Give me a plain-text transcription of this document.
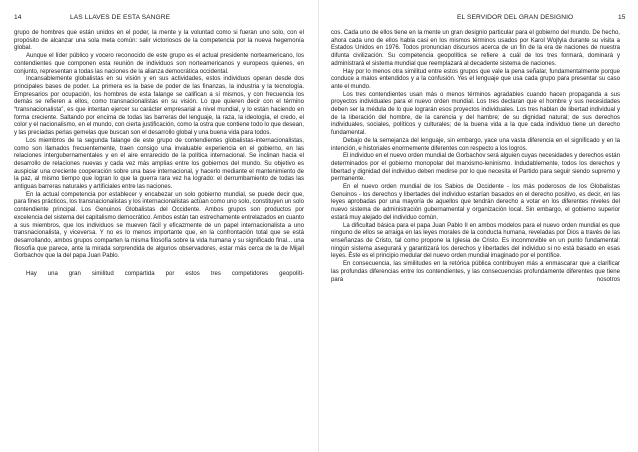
14	LAS LLAVES DE ESTA SANGRE

grupo de hombres que están unidos en el poder, la mente y la voluntad como si fueran uno solo, con el propósito de alcanzar una sola meta común: salir victoriosos de la competencia por la nueva hegemonía global.

Aunque el líder público y vocero reconocido de este grupo es el actual presidente norteamericano, los contendientes que componen esta reunión de individuos son norteamericanos y europeos quienes, en conjunto, representan a todas las naciones de la alianza democrática occidental.

Incansablemente globalistas en su visión y en sus actividades, estos individuos operan desde dos principales bases de poder. La primera es la base de poder de las finanzas, la industria y la tecnología. Empresarios por ocupación, los hombres de esta falange se califican a sí mismos, y con frecuencia los demás se refieren a ellos, como transnacionalistas en su visión. Lo que quieren decir con el término “transnacionalista”, es que intentan ejercer su carácter empresarial a nivel mundial, y lo están haciendo en forma creciente. Saltando por encima de todas las barreras del lenguaje, la raza, la ideología, el credo, el color y el nacionalismo, en el mundo, con cierta justificación, como la ostra que contiene todo lo que desean, y las preciadas perlas gemelas que buscan son el desarrollo global y una buena vida para todos.

Los miembros de la segunda falange de este grupo de contendientes globalistas-internacionalistas, como son llamados frecuentemente, traen consigo una invaluable experiencia en el gobierno, en las relaciones intergubernamentales y en el aire enrarecido de la política internacional. Se inclinan hacia el desarrollo de relaciones nuevas y cada vez más amplias entre los gobiernos del mundo. Su objetivo es auspiciar una creciente cooperación sobre una base internacional, y hacerlo mediante el mantenimiento de la paz, al mismo tiempo que logran lo que la guerra rara vez ha logrado: el derrumbamiento de todas las antiguas barreras naturales y artificiales entre las naciones.

En la actual competencia por establecer y encabezar un solo gobierno mundial, se puede decir que, para fines prácticos, los transnacionalistas y los internacionalistas actúan como uno solo, constituyen un solo contendiente principal. Los Genuinos Globalistas del Occidente. Ambos grupos son productos por excelencia del sistema del capitalismo democrático. Ambos están tan estrechamente entrelazados en cuanto a sus miembros, que los individuos se mueven fácil y eficazmente de un papel internacionalista a uno transnacionalista, y viceversa. Y no es lo menos importante que, en la confrontación total que se está desarrollando, ambos grupos comparten la misma filosofía sobre la vida humana y su significado final... una filosofía que parece, ante la mirada sorprendida de algunos observadores, estar más cerca de la de Mijaíl Gorbachov que la del papa Juan Pablo.

Hay una gran similitud compartida por estos tres competidores geopolíti-

EL SERVIDOR DEL GRAN DESIGNIO	15

cos. Cada uno de ellos tiene en la mente un gran designio particular para el gobierno del mundo. De hecho, ahora cada uno de ellos habla casi en los mismos términos usados por Karol Wojtyla durante su visita a Estados Unidos en 1976. Todos pronuncian discursos acerca de un fin de la era de naciones de nuestra difunta civilización. Su competencia geopolítica se refiere a cuál de los tres formará, dominará y administrará el sistema mundial que reemplazará al decadente sistema de naciones.

Hay por lo menos otra similitud entre estos grupos que vale la pena señalar, fundamentalmente porque conduce a malos entendidos y a la confusión. Yes el lenguaje que usa cada grupo para presentar su caso ante el mundo.

Los tres contendientes usan más o menos términos agradables cuando hacen propaganda a sus proyectos individuales para el nuevo orden mundial. Los tres declaran que el hombre y sus necesidades deben ser la médula de lo que lograrán esos proyectos individuales. Los tres hablan de libertad individual y de la liberación del hombre, de la carencia y del hambre; de su dignidad natural; de sus derechos individuales, sociales, políticos y culturales; de la buena vida a la que cada individuo tiene un derecho fundamental.

Debajo de la semejanza del lenguaje, sin embargo, yace una vasta diferencia en el significado y en la intención, e historiales enormemente diferentes con respecto a los logros.

El individuo en el nuevo orden mundial de Gorbachov será alguien cuyas necesidades y derechos están determinados por el gobierno monopolar del marxismo-leninismo. Indudablemente, todos los derechos y libertad y dignidad del individuo deben medirse por lo que necesita el Partido para seguir siendo supremo y permanente.

En el nuevo orden mundial de los Sabios de Occidente - los más poderosos de los Globalistas Genuinos - los derechos y libertades del individuo estarían basados en el derecho positivo, es decir, en las leyes aprobadas por una mayoría de aquellos que tendrán derecho a votar en los diferentes niveles del nuevo sistema de administración gubernamental y organización local. Sin embargo, el gobierno superior estará muy alejado del individuo común.

La dificultad básica para el papa Juan Pablo II en ambos modelos para el nuevo orden mundial es que ninguno de ellos se arraiga en las leyes morales de la conducta humana, reveladas por Dios a través de las enseñanzas de Cristo, tal como propone la Iglesia de Cristo. Es inconmovible en un punto fundamental: ningún sistema asegurará y garantizará los derechos y libertades del individuo si no está basado en esas leyes. Éste es el principio medular del nuevo orden mundial imaginado por el pontífice.

En consecuencia, las similitudes en la retórica pública contribuyen más a enmascarar que a clarificar las profundas diferencias entre los contendientes, y las consecuencias profundamente diferentes que tiene para nosotros
